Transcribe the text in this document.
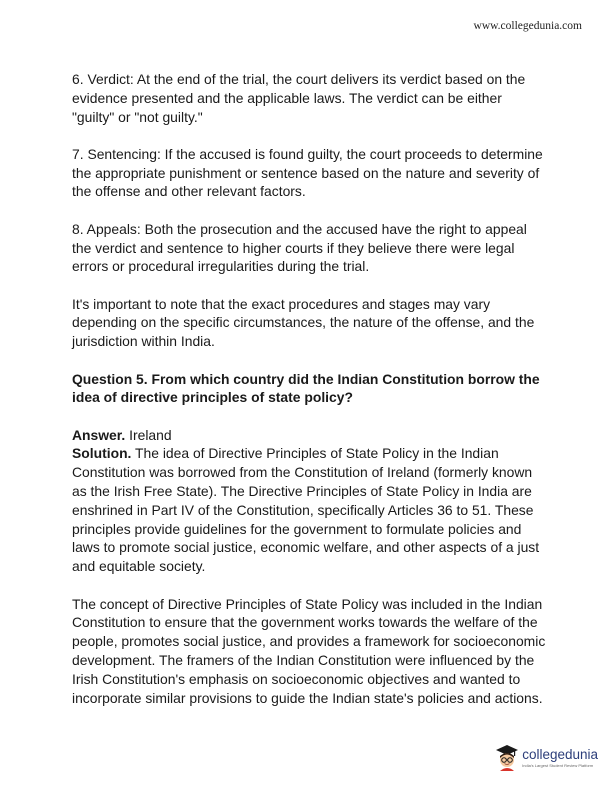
www.collegedunia.com

6. Verdict: At the end of the trial, the court delivers its verdict based on the evidence presented and the applicable laws. The verdict can be either "guilty" or "not guilty."

7. Sentencing: If the accused is found guilty, the court proceeds to determine the appropriate punishment or sentence based on the nature and severity of the offense and other relevant factors.

8. Appeals: Both the prosecution and the accused have the right to appeal the verdict and sentence to higher courts if they believe there were legal errors or procedural irregularities during the trial.

It's important to note that the exact procedures and stages may vary depending on the specific circumstances, the nature of the offense, and the jurisdiction within India.

Question 5. From which country did the Indian Constitution borrow the idea of directive principles of state policy?

Answer. Ireland

Solution. The idea of Directive Principles of State Policy in the Indian Constitution was borrowed from the Constitution of Ireland (formerly known as the Irish Free State). The Directive Principles of State Policy in India are enshrined in Part IV of the Constitution, specifically Articles 36 to 51. These principles provide guidelines for the government to formulate policies and laws to promote social justice, economic welfare, and other aspects of a just and equitable society.

The concept of Directive Principles of State Policy was included in the Indian Constitution to ensure that the government works towards the welfare of the people, promotes social justice, and provides a framework for socioeconomic development. The framers of the Indian Constitution were influenced by the Irish Constitution's emphasis on socioeconomic objectives and wanted to incorporate similar provisions to guide the Indian state's policies and actions.

collegedunia
India's Largest Student Review Platform
